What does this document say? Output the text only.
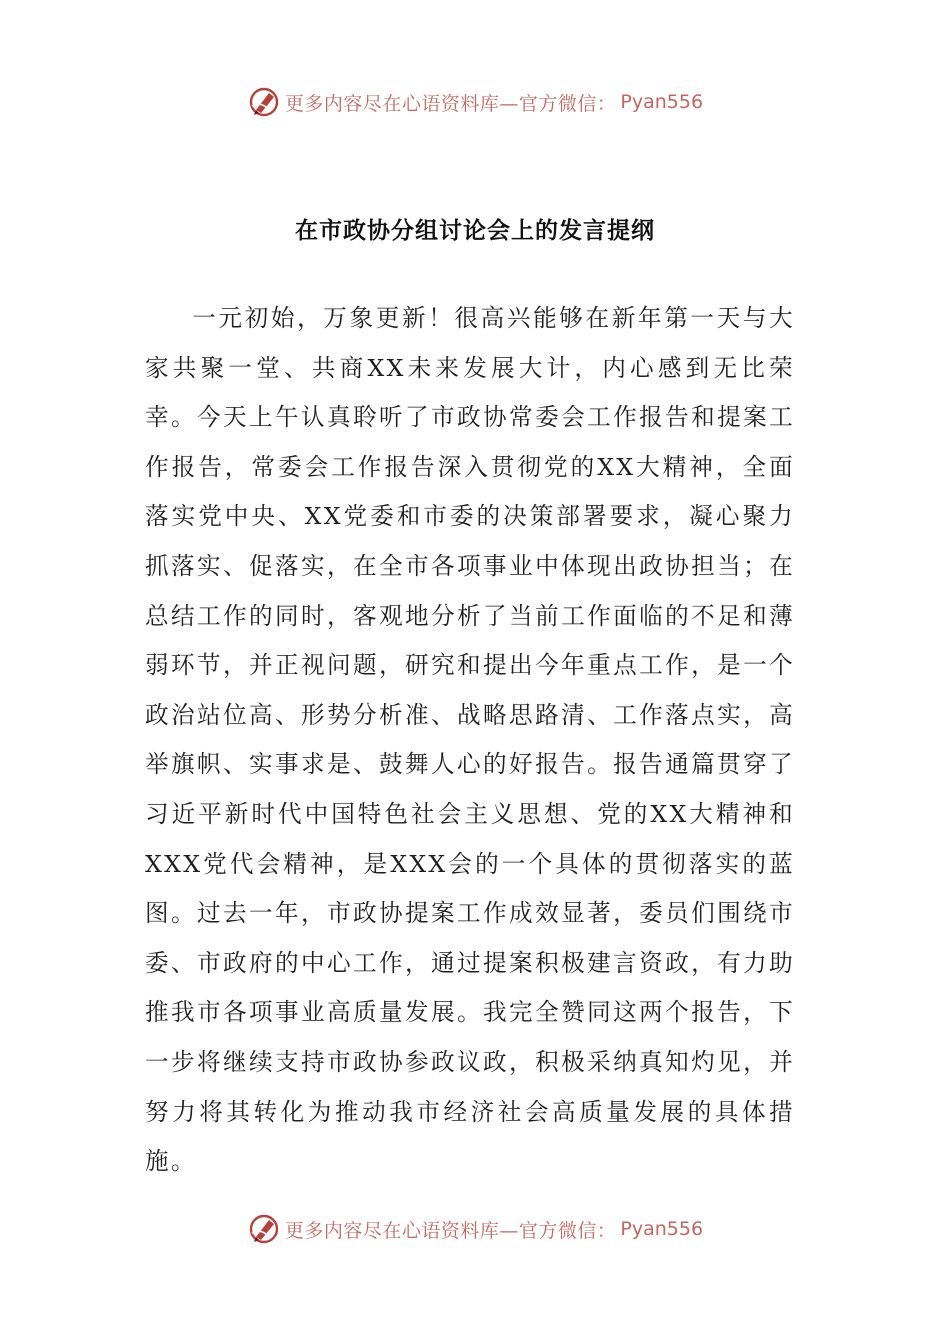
更多内容尽在心语资料库—官方微信： Pyan556
在市政协分组讨论会上的发言提纲

一元初始，万象更新！很高兴能够在新年第一天与大家共聚一堂、共商XX未来发展大计，内心感到无比荣幸。今天上午认真聆听了市政协常委会工作报告和提案工作报告，常委会工作报告深入贯彻党的XX大精神，全面落实党中央、XX党委和市委的决策部署要求，凝心聚力抓落实、促落实，在全市各项事业中体现出政协担当；在总结工作的同时，客观地分析了当前工作面临的不足和薄弱环节，并正视问题，研究和提出今年重点工作，是一个政治站位高、形势分析准、战略思路清、工作落点实，高举旗帜、实事求是、鼓舞人心的好报告。报告通篇贯穿了习近平新时代中国特色社会主义思想、党的XX大精神和XXX党代会精神，是XXX会的一个具体的贯彻落实的蓝图。过去一年，市政协提案工作成效显著，委员们围绕市委、市政府的中心工作，通过提案积极建言资政，有力助推我市各项事业高质量发展。我完全赞同这两个报告，下一步将继续支持市政协参政议政，积极采纳真知灼见，并努力将其转化为推动我市经济社会高质量发展的具体措施。

更多内容尽在心语资料库—官方微信： Pyan556
